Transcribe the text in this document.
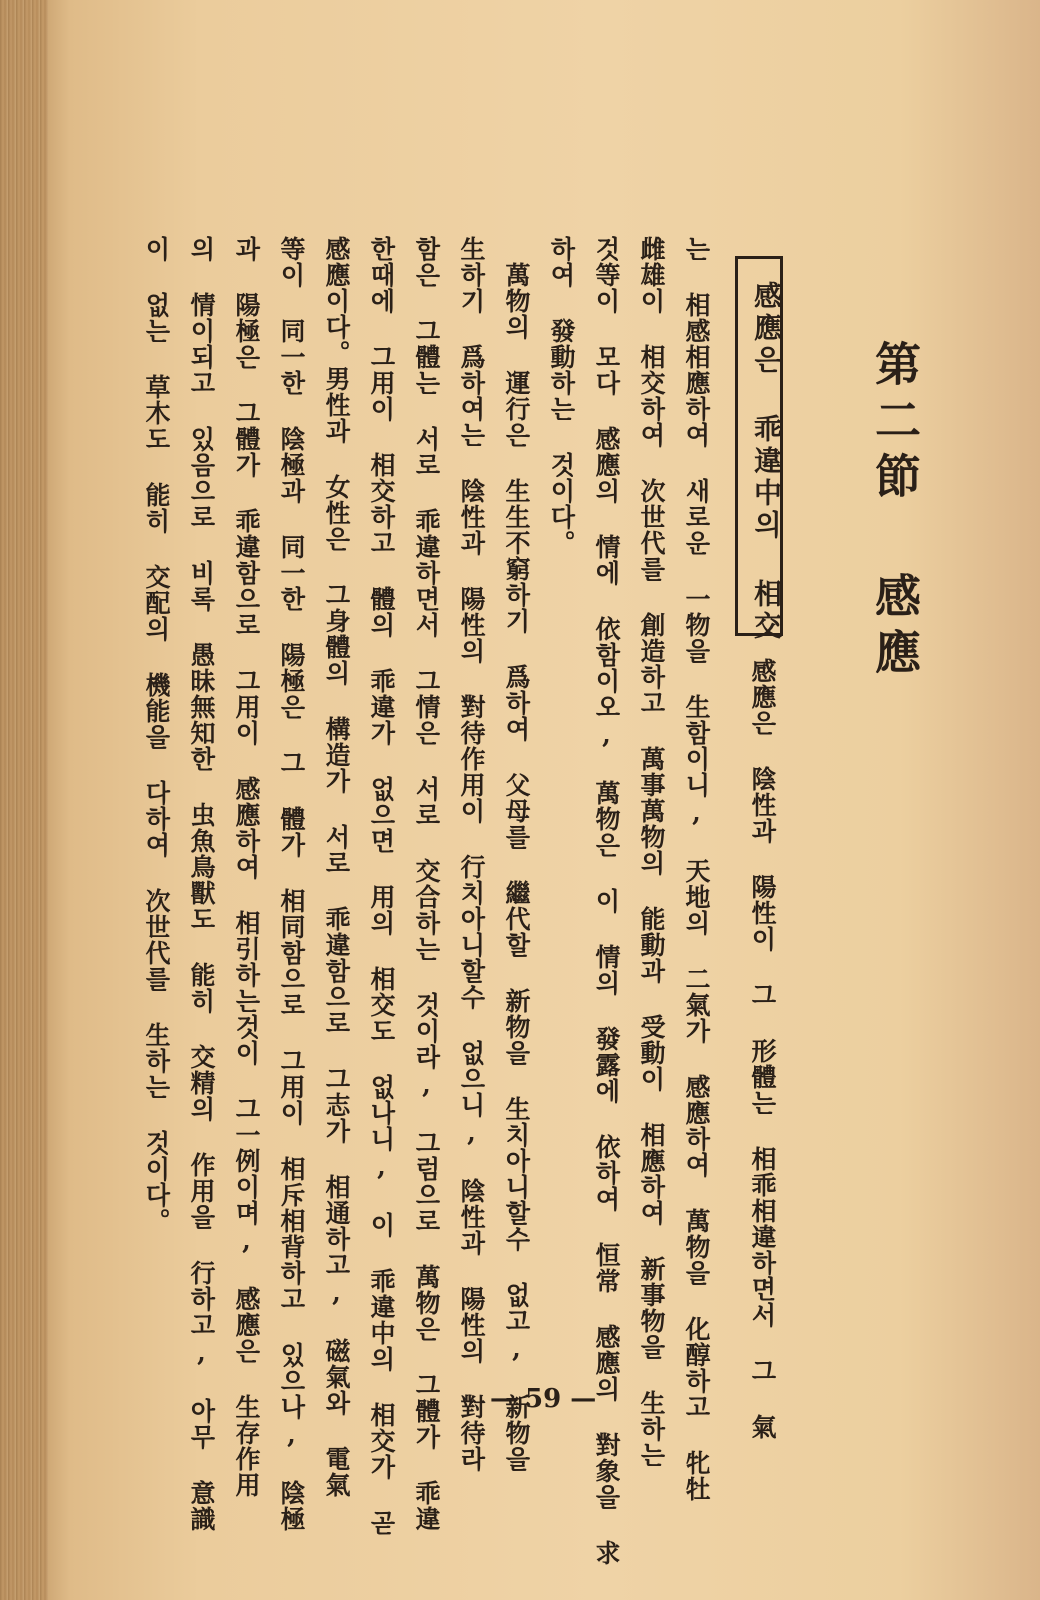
第二節 感應
感應은 乖違中의 相交
感應은 陰性과 陽性이 그 形體는 相乖相違하면서 그 氣
는 相感相應하여 새로운 一物을 生함이니, 天地의 二氣가 感應하여 萬物을 化醇하고 牝牡
雌雄이 相交하여 次世代를 創造하고 萬事萬物의 能動과 受動이 相應하여 新事物을 生하는
것等이 모다 感應의 情에 依함이오, 萬物은 이 情의 發露에 依하여 恒常 感應의 對象을 求
하여 發動하는 것이다。
萬物의 運行은 生生不窮하기 爲하여 父母를 繼代할 新物을 生치아니할수 없고, 新物을
生하기 爲하여는 陰性과 陽性의 對待作用이 行치아니할수 없으니, 陰性과 陽性의 對待라
함은 그體는 서로 乖違하면서 그情은 서로 交合하는 것이라, 그럼으로 萬物은 그體가 乖違
한때에 그用이 相交하고 體의 乖違가 없으면 用의 相交도 없나니, 이 乖違中의 相交가 곧
感應이다。男性과 女性은 그身體의 構造가 서로 乖違함으로 그志가 相通하고, 磁氣와 電氣
等이 同一한 陰極과 同一한 陽極은 그 體가 相同함으로 그用이 相斥相背하고 있으나, 陰極
과 陽極은 그體가 乖違함으로 그用이 感應하여 相引하는것이 그一例이며, 感應은 生存作用
의 情이되고 있음으로 비록 愚昧無知한 虫魚鳥獸도 能히 交精의 作用을 行하고, 아무 意識
이 없는 草木도 能히 交配의 機能을 다하여 次世代를 生하는 것이다。
— 59 —
